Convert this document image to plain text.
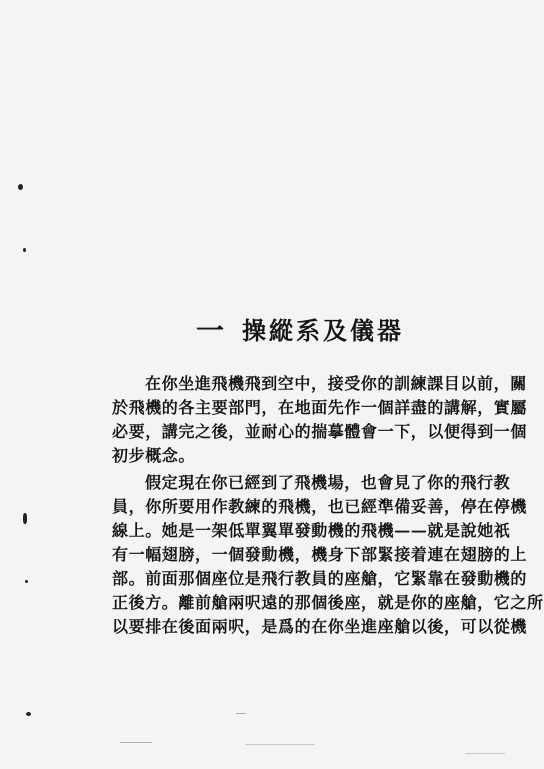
一 操縱系及儀器
在你坐進飛機飛到空中，接受你的訓練課目以前，關
於飛機的各主要部門，在地面先作一個詳盡的講解，實屬
必要，講完之後，並耐心的揣摹體會一下，以便得到一個
初步概念。
假定現在你已經到了飛機場，也會見了你的飛行教
員，你所要用作教練的飛機，也已經準備妥善，停在停機
線上。她是一架低單翼單發動機的飛機——就是說她祇
有一幅翅膀，一個發動機，機身下部緊接着連在翅膀的上
部。前面那個座位是飛行教員的座艙，它緊靠在發動機的
正後方。離前艙兩呎遠的那個後座，就是你的座艙，它之所
以要排在後面兩呎，是爲的在你坐進座艙以後，可以從機
